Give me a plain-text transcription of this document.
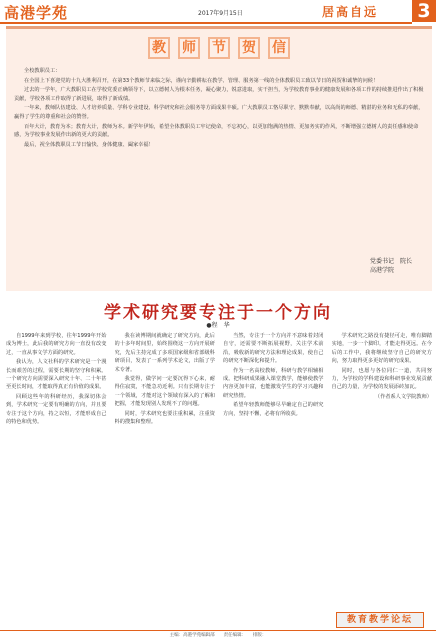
高港学苑	2017年9月15日	居高自远 3
教 师 节 贺 信

全校教职员工：

在全国上下喜迎党的十九大胜利召开，在第33个教师节来临之际，谨向辛勤耕耘在教学、管理、服务第一线的全体教职员工致以节日的祝贺和诚挚的问候！

过去的一学年，广大教职员工在学校党委正确领导下，以立德树人为根本任务，凝心聚力，锐意进取，实干担当，为学校教育事业的健康发展和各项工作的持续推进作出了积极贡献，学校各项工作取得了新进展，取得了新成绩。

一年来，教师队伍建设、人才培养质量、学科专业建设、科学研究和社会服务等方面成果丰硕。广大教职员工恪尽职守、默默奉献，以高尚的师德、精湛的业务和无私的奉献，赢得了学生的尊重和社会的赞誉。

百年大计，教育为本；教育大计，教师为本。新学年伊始，希望全体教职员工牢记使命，不忘初心，以更加饱满的热情、更加务实的作风，不断增强立德树人的责任感和使命感，为学校事业发展作出新的更大的贡献。

最后，祝全体教职员工节日愉快、身体健康、阖家幸福！

党委书记　院长
高港学院
学术研究要专注于一个方向
●程　华

自1999年来到学校，往年1999年开始成为博士，此后我的研究方向一直没有改变过，一直从事文学方面的研究。

我认为，人文社科的学术研究是一个漫长而艰苦的过程，需要长期的坚守和积累。一个研究方向需要深入研究十年、二十年甚至更长时间，才能取得真正有价值的成果。

回顾这些年的科研经历，我深切体会到，学术研究一定要有明确的方向，并且要专注于这个方向，持之以恒，才能形成自己的特色和优势。

我在读博期间就确定了研究方向，此后的十多年时间里，始终围绕这一方向开展研究，先后主持完成了多项国家级和省部级科研项目，发表了一系列学术论文，出版了学术专著。

我觉得，做学问一定要沉得下心来，耐得住寂寞，不能急功近利。只有长期专注于一个领域，才能对这个领域有深入的了解和把握，才能发现别人发现不了的问题。

同时，学术研究也要注重积累，注重资料的搜集和整理。

当然，专注于一个方向并不意味着封闭自守，还需要不断拓展视野，关注学术前沿，吸收新的研究方法和理论成果，使自己的研究不断深化和提升。

作为一名高校教师，科研与教学相辅相成。把科研成果融入课堂教学，能够使教学内容更加丰富，也能激发学生的学习兴趣和研究热情。

希望年轻教师能够尽早确定自己的研究方向，坚持不懈，必将有所收获。

学术研究之路没有捷径可走，唯有脚踏实地，一步一个脚印，才能走得更远。在今后的工作中，我将继续坚守自己的研究方向，努力取得更多更好的研究成果。

同时，也愿与各位同仁一道，共同努力，为学校的学科建设和科研事业发展贡献自己的力量，为学校的发展添砖加瓦。

（作者系人文学院教师）

教育教学论坛
主编：高港学苑编辑部　　责任编辑：　　排版：
